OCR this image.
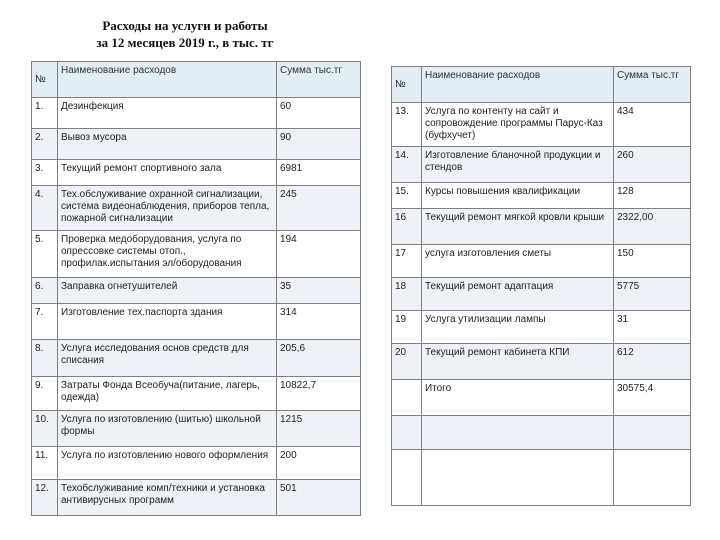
Расходы на услуги и работы
за 12 месяцев 2019 г., в тыс. тг
№	Наименование расходов	Сумма тыс.тг
1.	Дезинфекция	60
2.	Вывоз мусора	90
3.	Текущий ремонт спортивного зала	6981
4.	Тех.обслуживание охранной сигнализации, система видеонаблюдения, приборов тепла, пожарной сигнализации	245
5.	Проверка медоборудования, услуга по опрессовке системы отоп., профилак.испытания эл/оборудования	194
6.	Заправка огнетушителей	35
7.	Изготовление тех.паспорта здания	314
8.	Услуга исследования основ средств для списания	205,6
9.	Затраты Фонда Всеобуча(питание, лагерь, одежда)	10822,7
10.	Услуга по изготовлению (шитью) школьной формы	1215
11.	Услуга по изготовлению нового оформления	200
12.	Техобслуживание комп/техники и установка антивирусных программ	501
№	Наименование расходов	Сумма тыс.тг
13.	Услуга по контенту на сайт и сопровождение программы Парус-Каз (буфхучет)	434
14.	Изготовление бланочной продукции и стендов	260
15.	Курсы повышения квалификации	128
16	Текущий ремонт мягкой кровли крыши	2322,00
17	услуга изготовления сметы	150
18	Текущий ремонт адаптация	5775
19	Услуга утилизации лампы	31
20	Текущий ремонт кабинета КПИ	612
	Итого	30575,4
